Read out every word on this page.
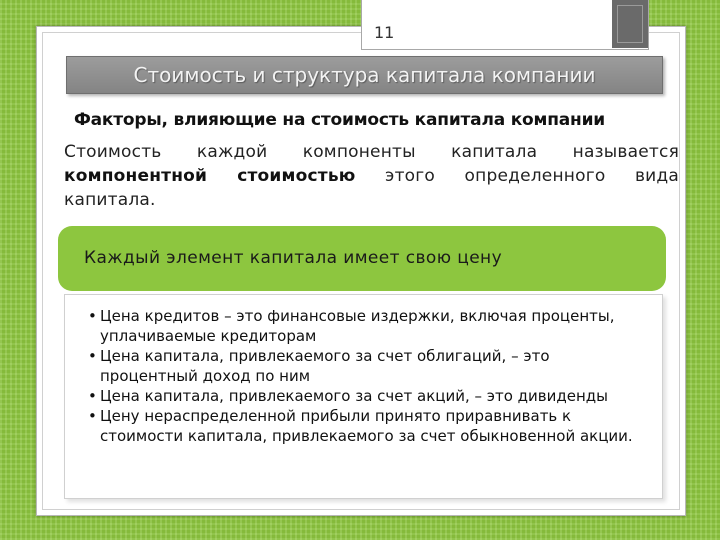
11
Стоимость и структура капитала компании
Факторы, влияющие на стоимость капитала компании
Стоимость каждой компоненты капитала называется компонентной стоимостью этого определенного вида капитала.
Каждый элемент капитала имеет свою цену
• Цена кредитов – это финансовые издержки, включая проценты, уплачиваемые кредиторам
• Цена капитала, привлекаемого за счет облигаций, – это процентный доход по ним
• Цена капитала, привлекаемого за счет акций, – это дивиденды
• Цену нераспределенной прибыли принято приравнивать к стоимости капитала, привлекаемого за счет обыкновенной акции.
